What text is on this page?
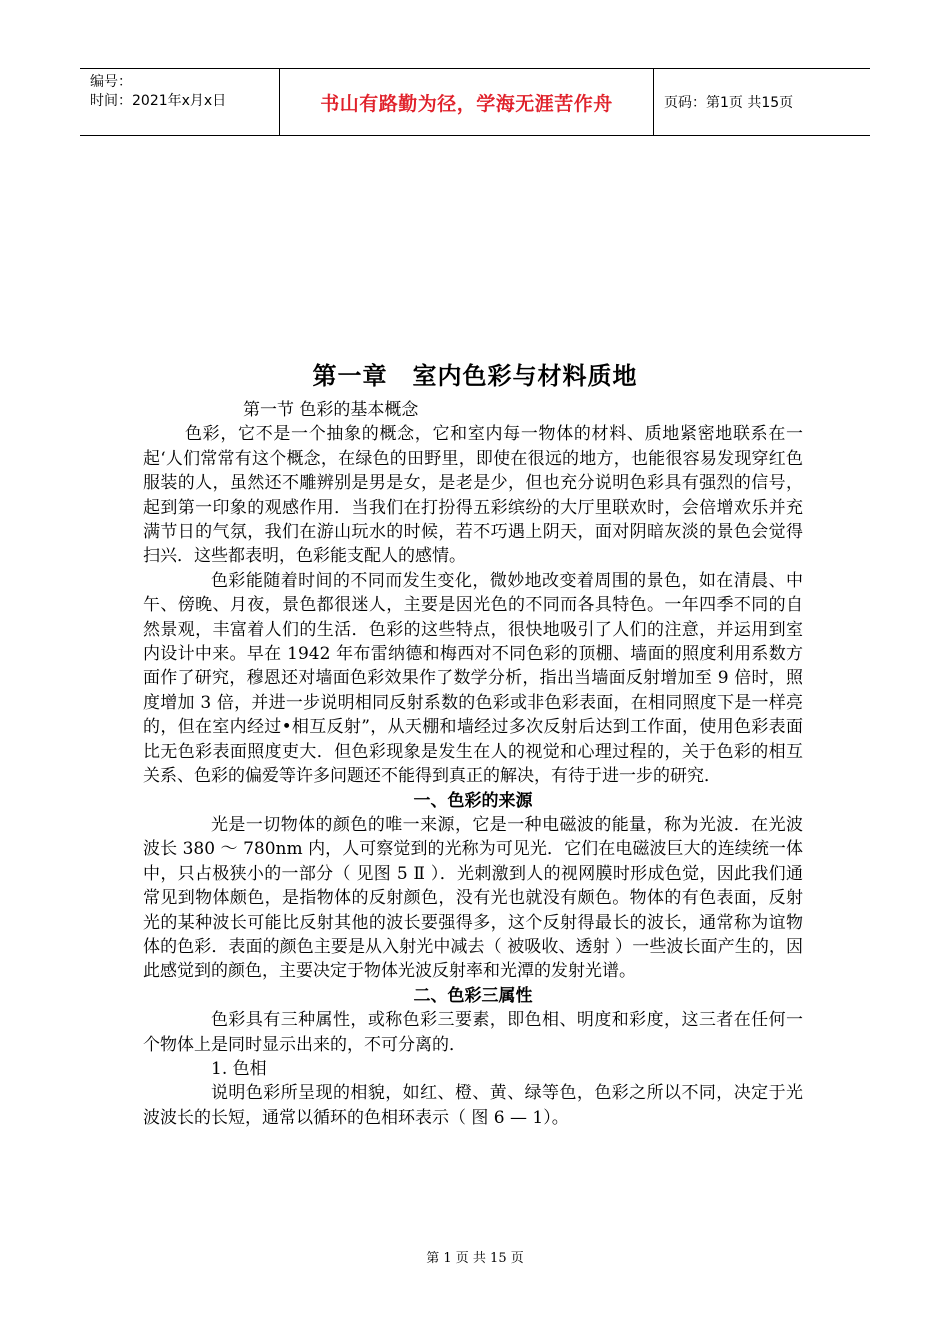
编号：
时间：2021年x月x日	书山有路勤为径，学海无涯苦作舟	页码：第1页 共15页
第一章　室内色彩与材料质地

第一节 色彩的基本概念

色彩，它不是一个抽象的概念，它和室内每一物体的材料、质地紧密地联系在一起‘人们常常有这个概念，在绿色的田野里，即使在很远的地方，也能很容易发现穿红色服装的人，虽然还不雕辨别是男是女，是老是少，但也充分说明色彩具有强烈的信号，起到第一印象的观感作用．当我们在打扮得五彩缤纷的大厅里联欢时，会倍增欢乐并充满节日的气氛，我们在游山玩水的时候，若不巧遇上阴天，面对阴暗灰淡的景色会觉得扫兴．这些都表明，色彩能支配人的感情。

色彩能随着时间的不同而发生变化，微妙地改变着周围的景色，如在清晨、中午、傍晚、月夜，景色都很迷人，主要是因光色的不同而各具特色。一年四季不同的自然景观，丰富着人们的生活．色彩的这些特点，很快地吸引了人们的注意，并运用到室内设计中来。早在 1942 年布雷纳德和梅西对不同色彩的顶棚、墙面的照度利用系数方面作了研究，穆恩还对墙面色彩效果作了数学分析，指出当墙面反射增加至 9 倍时，照度增加 3 倍，并进一步说明相同反射系数的色彩或非色彩表面，在相同照度下是一样亮的，但在室内经过•相互反射”，从天棚和墙经过多次反射后达到工作面，使用色彩表面比无色彩表面照度吏大．但色彩现象是发生在人的视觉和心理过程的，关于色彩的相互关系、色彩的偏爱等许多问题还不能得到真正的解决，有待于进一步的研究．

一、色彩的来源

光是一切物体的颜色的唯一来源，它是一种电磁波的能量，称为光波．在光波波长 380 ～ 780nm 内，人可察觉到的光称为可见光．它们在电磁波巨大的连续统一体中，只占极狭小的一部分（ 见图 5 Ⅱ ）．光刺激到人的视网膜时形成色觉，因此我们通常见到物体颇色，是指物体的反射颜色，没有光也就没有颇色。物体的有色表面，反射光的某种波长可能比反射其他的波长要强得多，这个反射得最长的波长，通常称为谊物体的色彩．表面的颜色主要是从入射光中减去（ 被吸收、透射 ）一些波长面产生的，因此感觉到的颜色，主要决定于物体光波反射率和光潭的发射光谱。

二、色彩三属性

色彩具有三种属性，或称色彩三要素，即色相、明度和彩度，这三者在任何一个物体上是同时显示出来的，不可分离的．

1. 色相

说明色彩所呈现的相貌，如红、橙、黄、绿等色，色彩之所以不同，决定于光波波长的长短，通常以循环的色相环表示（ 图 6 — 1）。

第 1 页 共 15 页
